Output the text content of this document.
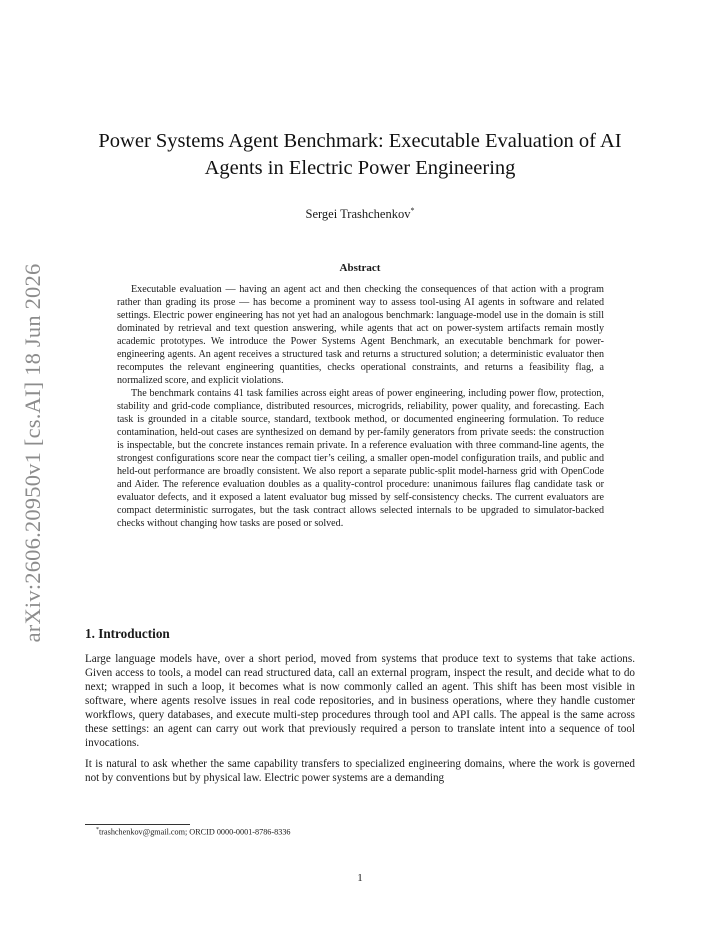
arXiv:2606.20950v1 [cs.AI] 18 Jun 2026
Power Systems Agent Benchmark: Executable Evaluation of AI Agents in Electric Power Engineering
Sergei Trashchenkov*
Abstract

Executable evaluation — having an agent act and then checking the consequences of that action with a program rather than grading its prose — has become a prominent way to assess tool-using AI agents in software and related settings. Electric power engineering has not yet had an analogous benchmark: language-model use in the domain is still dominated by retrieval and text question answering, while agents that act on power-system artifacts remain mostly academic prototypes. We introduce the Power Systems Agent Benchmark, an executable benchmark for power-engineering agents. An agent receives a structured task and returns a structured solution; a deterministic evaluator then recomputes the relevant engineering quantities, checks operational constraints, and returns a feasibility flag, a normalized score, and explicit violations.

The benchmark contains 41 task families across eight areas of power engineering, including power flow, protection, stability and grid-code compliance, distributed resources, microgrids, reliability, power quality, and forecasting. Each task is grounded in a citable source, standard, textbook method, or documented engineering formulation. To reduce contamination, held-out cases are synthesized on demand by per-family generators from private seeds: the construction is inspectable, but the concrete instances remain private. In a reference evaluation with three command-line agents, the strongest configurations score near the compact tier’s ceiling, a smaller open-model configuration trails, and public and held-out performance are broadly consistent. We also report a separate public-split model-harness grid with OpenCode and Aider. The reference evaluation doubles as a quality-control procedure: unanimous failures flag candidate task or evaluator defects, and it exposed a latent evaluator bug missed by self-consistency checks. The current evaluators are compact deterministic surrogates, but the task contract allows selected internals to be upgraded to simulator-backed checks without changing how tasks are posed or solved.

1. Introduction

Large language models have, over a short period, moved from systems that produce text to systems that take actions. Given access to tools, a model can read structured data, call an external program, inspect the result, and decide what to do next; wrapped in such a loop, it becomes what is now commonly called an agent. This shift has been most visible in software, where agents resolve issues in real code repositories, and in business operations, where they handle customer workflows, query databases, and execute multi-step procedures through tool and API calls. The appeal is the same across these settings: an agent can carry out work that previously required a person to translate intent into a sequence of tool invocations.

It is natural to ask whether the same capability transfers to specialized engineering domains, where the work is governed not by conventions but by physical law. Electric power systems are a demanding

*trashchenkov@gmail.com; ORCID 0000-0001-8786-8336
1
